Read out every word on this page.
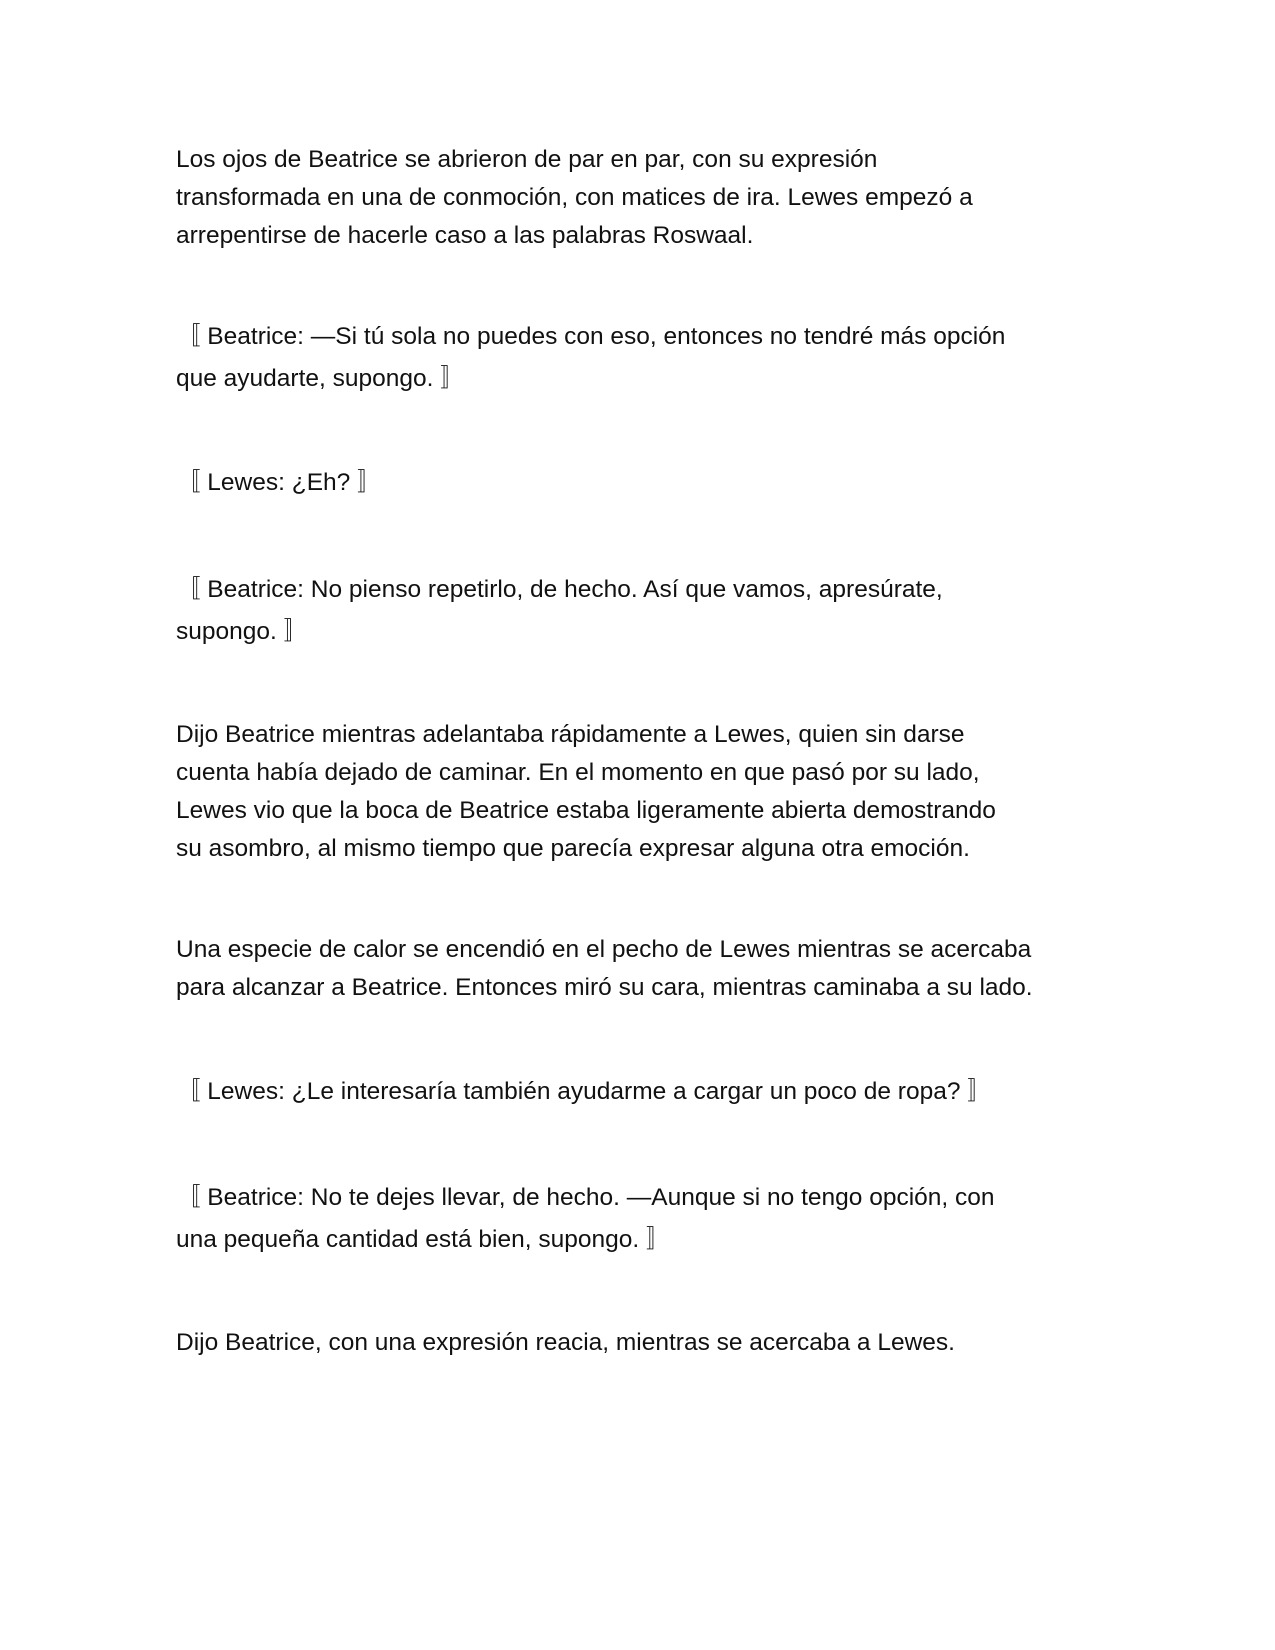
Los ojos de Beatrice se abrieron de par en par, con su expresión
transformada en una de conmoción, con matices de ira. Lewes empezó a
arrepentirse de hacerle caso a las palabras Roswaal.

〚 Beatrice: —Si tú sola no puedes con eso, entonces no tendré más opción
que ayudarte, supongo. 〛

〚 Lewes: ¿Eh? 〛

〚 Beatrice: No pienso repetirlo, de hecho. Así que vamos, apresúrate,
supongo. 〛

Dijo Beatrice mientras adelantaba rápidamente a Lewes, quien sin darse
cuenta había dejado de caminar. En el momento en que pasó por su lado,
Lewes vio que la boca de Beatrice estaba ligeramente abierta demostrando
su asombro, al mismo tiempo que parecía expresar alguna otra emoción.

Una especie de calor se encendió en el pecho de Lewes mientras se acercaba
para alcanzar a Beatrice. Entonces miró su cara, mientras caminaba a su lado.

〚 Lewes: ¿Le interesaría también ayudarme a cargar un poco de ropa? 〛

〚 Beatrice: No te dejes llevar, de hecho. —Aunque si no tengo opción, con
una pequeña cantidad está bien, supongo. 〛

Dijo Beatrice, con una expresión reacia, mientras se acercaba a Lewes.
